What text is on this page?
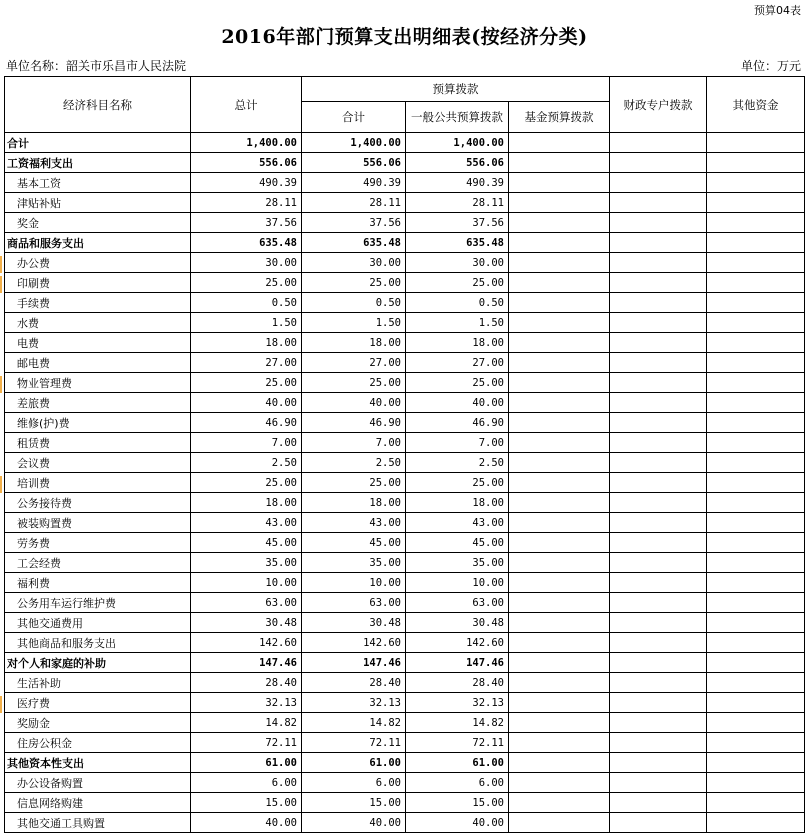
预算04表
2016年部门预算支出明细表(按经济分类)
单位名称：韶关市乐昌市人民法院	单位：万元
经济科目名称	总计	预算拨款			财政专户拨款	其他资金
		合计	一般公共预算拨款	基金预算拨款		
合计	1,400.00	1,400.00	1,400.00			
工资福利支出	556.06	556.06	556.06			
基本工资	490.39	490.39	490.39			
津贴补贴	28.11	28.11	28.11			
奖金	37.56	37.56	37.56			
商品和服务支出	635.48	635.48	635.48			
办公费	30.00	30.00	30.00			
印刷费	25.00	25.00	25.00			
手续费	0.50	0.50	0.50			
水费	1.50	1.50	1.50			
电费	18.00	18.00	18.00			
邮电费	27.00	27.00	27.00			
物业管理费	25.00	25.00	25.00			
差旅费	40.00	40.00	40.00			
维修(护)费	46.90	46.90	46.90			
租赁费	7.00	7.00	7.00			
会议费	2.50	2.50	2.50			
培训费	25.00	25.00	25.00			
公务接待费	18.00	18.00	18.00			
被装购置费	43.00	43.00	43.00			
劳务费	45.00	45.00	45.00			
工会经费	35.00	35.00	35.00			
福利费	10.00	10.00	10.00			
公务用车运行维护费	63.00	63.00	63.00			
其他交通费用	30.48	30.48	30.48			
其他商品和服务支出	142.60	142.60	142.60			
对个人和家庭的补助	147.46	147.46	147.46			
生活补助	28.40	28.40	28.40			
医疗费	32.13	32.13	32.13			
奖励金	14.82	14.82	14.82			
住房公积金	72.11	72.11	72.11			
其他资本性支出	61.00	61.00	61.00			
办公设备购置	6.00	6.00	6.00			
信息网络购建	15.00	15.00	15.00			
其他交通工具购置	40.00	40.00	40.00			
